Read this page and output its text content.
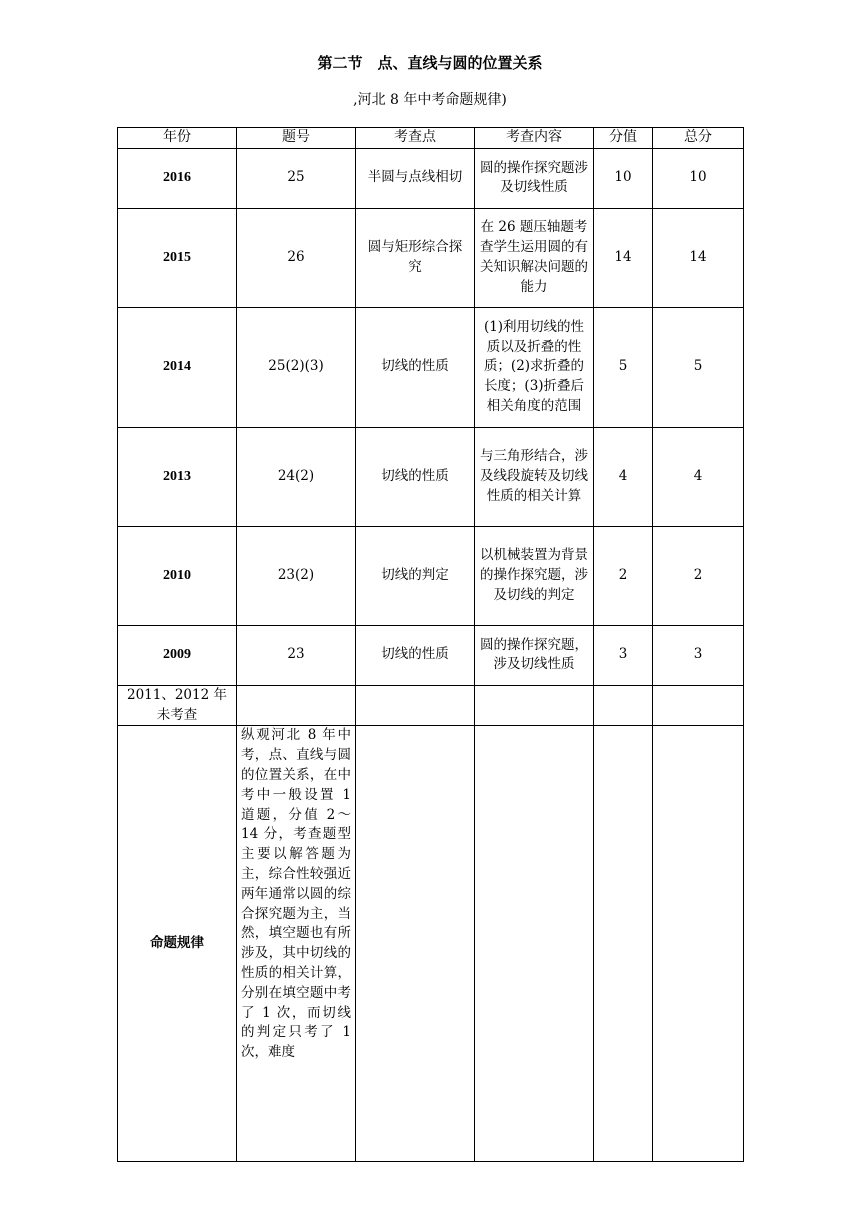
第二节　点、直线与圆的位置关系
,河北 8 年中考命题规律)
年份	题号	考查点	考查内容	分值	总分
2016	25	半圆与点线相切	圆的操作探究题涉及切线性质	10	10
2015	26	圆与矩形综合探究	在 26 题压轴题考查学生运用圆的有关知识解决问题的能力	14	14
2014	25(2)(3)	切线的性质	(1)利用切线的性质以及折叠的性质；(2)求折叠的长度；(3)折叠后相关角度的范围	5	5
2013	24(2)	切线的性质	与三角形结合，涉及线段旋转及切线性质的相关计算	4	4
2010	23(2)	切线的判定	以机械装置为背景的操作探究题，涉及切线的判定	2	2
2009	23	切线的性质	圆的操作探究题，涉及切线性质	3	3
2011、2012 年未考查					
命题规律	纵观河北 8 年中考，点、直线与圆的位置关系，在中考中一般设置 1 道题，分值 2～14 分，考查题型主要以解答题为主，综合性较强近两年通常以圆的综合探究题为主，当然，填空题也有所涉及，其中切线的性质的相关计算，分别在填空题中考了 1 次，而切线的判定只考了 1 次，难度				
